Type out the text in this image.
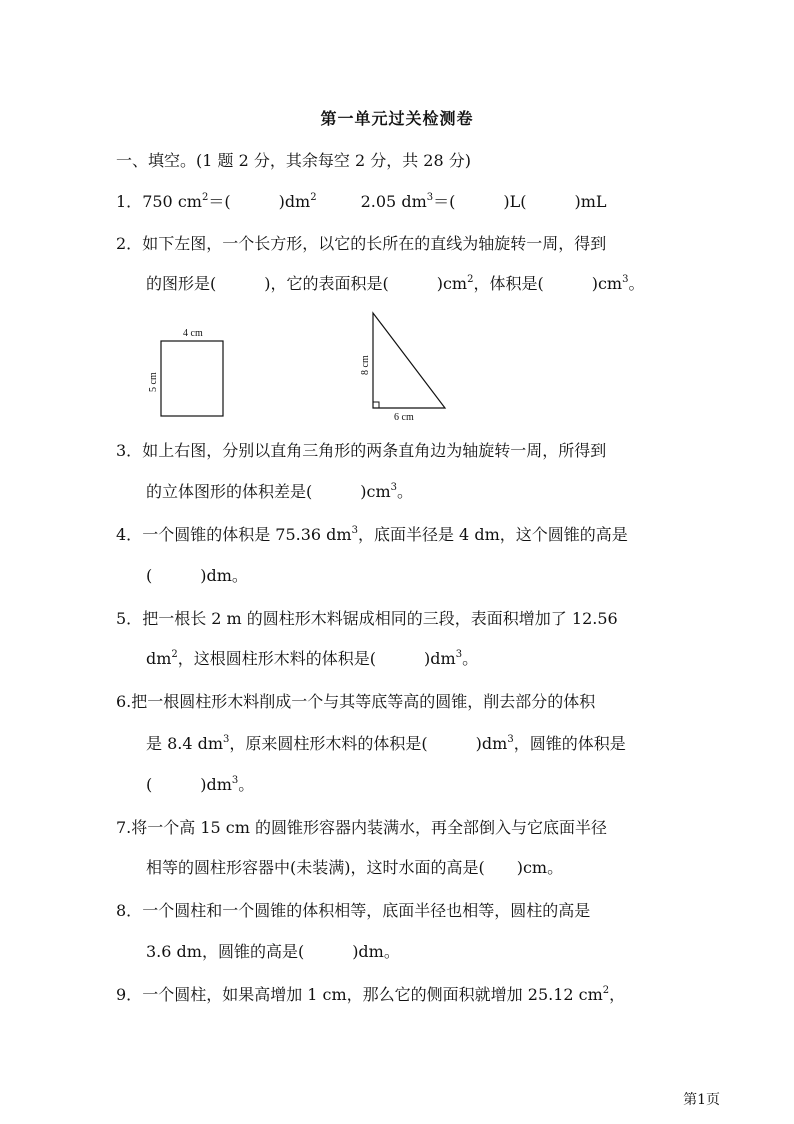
第一单元过关检测卷
一、填空。(1 题 2 分，其余每空 2 分，共 28 分)
1．750 $cm^2=$(　　　)$dm^2$	2.05 $dm^3=$(　　　)L(　　　)mL
2．如下左图，一个长方形，以它的长所在的直线为轴旋转一周，得到
的图形是(　　　)，它的表面积是(　　　)$cm^2$，体积是(　　　)$cm^3$。
4 cm
5 cm
8 cm
6 cm
3．如上右图，分别以直角三角形的两条直角边为轴旋转一周，所得到
的立体图形的体积差是(　　　)$cm^3$。
4．一个圆锥的体积是 75.36 $dm^3$，底面半径是 4 dm，这个圆锥的高是
(　　　)dm。
5．把一根长 2 m 的圆柱形木料锯成相同的三段，表面积增加了 12.56
$dm^2$，这根圆柱形木料的体积是(　　　)$dm^3$。
6.把一根圆柱形木料削成一个与其等底等高的圆锥，削去部分的体积
是 8.4 $dm^3$，原来圆柱形木料的体积是(　　　)$dm^3$，圆锥的体积是
(　　　)$dm^3$。
7.将一个高 15 cm 的圆锥形容器内装满水，再全部倒入与它底面半径
相等的圆柱形容器中(未装满)，这时水面的高是(　　)cm。
8．一个圆柱和一个圆锥的体积相等，底面半径也相等，圆柱的高是
3.6 dm，圆锥的高是(　　　)dm。
9．一个圆柱，如果高增加 1 cm，那么它的侧面积就增加 25.12 $cm^2$，
第1页
